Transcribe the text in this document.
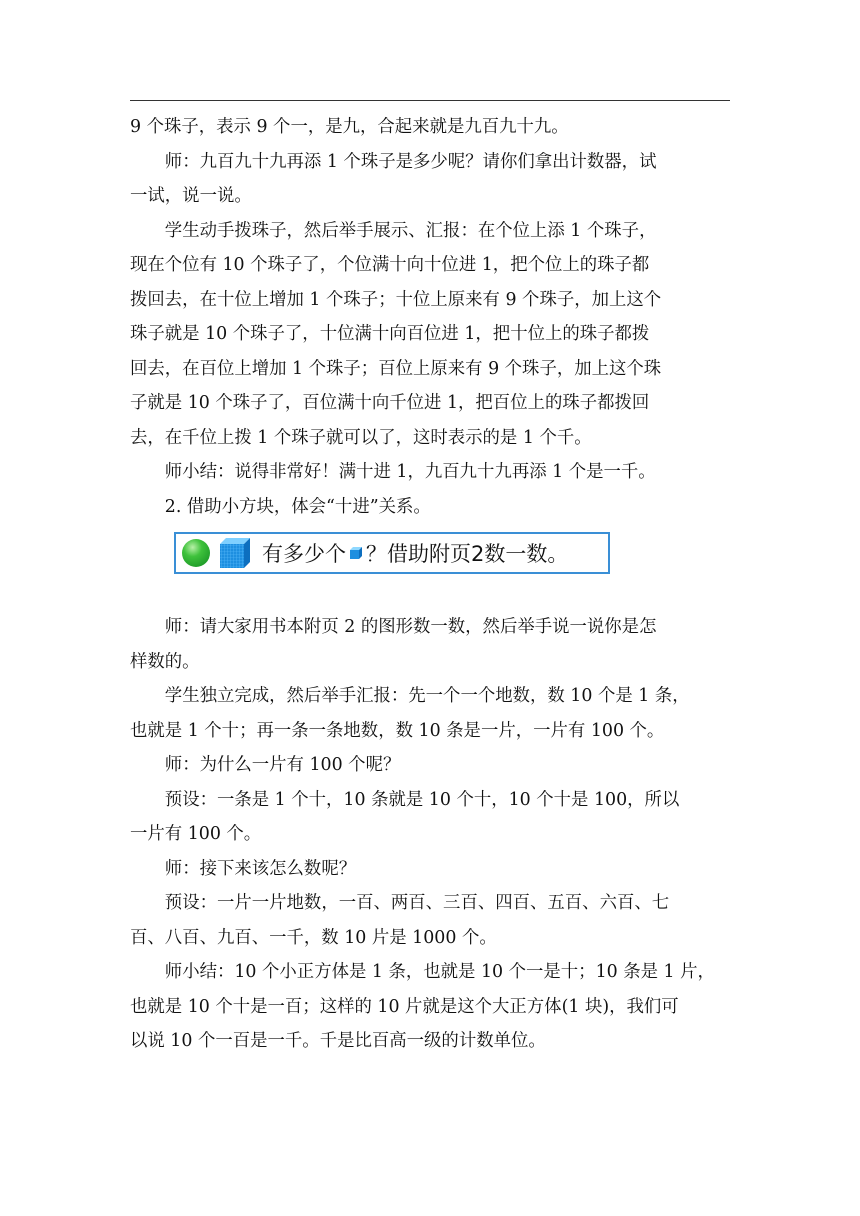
9 个珠子，表示 9 个一，是九，合起来就是九百九十九。

师：九百九十九再添 1 个珠子是多少呢？请你们拿出计数器，试
一试，说一说。

学生动手拨珠子，然后举手展示、汇报：在个位上添 1 个珠子，
现在个位有 10 个珠子了，个位满十向十位进 1，把个位上的珠子都
拨回去，在十位上增加 1 个珠子；十位上原来有 9 个珠子，加上这个
珠子就是 10 个珠子了，十位满十向百位进 1，把十位上的珠子都拨
回去，在百位上增加 1 个珠子；百位上原来有 9 个珠子，加上这个珠
子就是 10 个珠子了，百位满十向千位进 1，把百位上的珠子都拨回
去，在千位上拨 1 个珠子就可以了，这时表示的是 1 个千。

师小结：说得非常好！满十进 1，九百九十九再添 1 个是一千。

2. 借助小方块，体会“十进”关系。

有多少个 ？借助附页2数一数。

师：请大家用书本附页 2 的图形数一数，然后举手说一说你是怎
样数的。

学生独立完成，然后举手汇报：先一个一个地数，数 10 个是 1 条，
也就是 1 个十；再一条一条地数，数 10 条是一片，一片有 100 个。

师：为什么一片有 100 个呢？

预设：一条是 1 个十，10 条就是 10 个十，10 个十是 100，所以
一片有 100 个。

师：接下来该怎么数呢？

预设：一片一片地数，一百、两百、三百、四百、五百、六百、七
百、八百、九百、一千，数 10 片是 1000 个。

师小结：10 个小正方体是 1 条，也就是 10 个一是十；10 条是 1 片，
也就是 10 个十是一百；这样的 10 片就是这个大正方体(1 块)，我们可
以说 10 个一百是一千。千是比百高一级的计数单位。
